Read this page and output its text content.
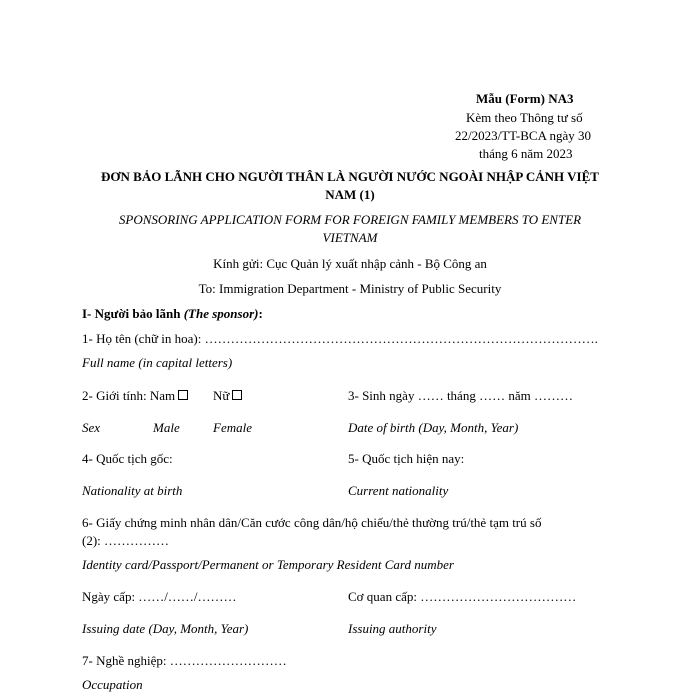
Mẫu (Form) NA3
Kèm theo Thông tư số
22/2023/TT-BCA ngày 30
tháng 6 năm 2023
ĐƠN BẢO LÃNH CHO NGƯỜI THÂN LÀ NGƯỜI NƯỚC NGOÀI NHẬP CẢNH VIỆT
NAM (1)
SPONSORING APPLICATION FORM FOR FOREIGN FAMILY MEMBERS TO ENTER
VIETNAM
Kính gửi: Cục Quản lý xuất nhập cảnh - Bộ Công an
To: Immigration Department - Ministry of Public Security
I- Người bảo lãnh (The sponsor):
1- Họ tên (chữ in hoa): ……………………………………………………………………………….
Full name (in capital letters)
2- Giới tính: Nam	Nữ	3- Sinh ngày …… tháng …… năm ………
Sex	Male	Female	Date of birth (Day, Month, Year)
4- Quốc tịch gốc:	5- Quốc tịch hiện nay:
Nationality at birth	Current nationality
6- Giấy chứng minh nhân dân/Căn cước công dân/hộ chiếu/thẻ thường trú/thẻ tạm trú số
(2): ……………
Identity card/Passport/Permanent or Temporary Resident Card number
Ngày cấp: ……/……/………	Cơ quan cấp: ………………………………
Issuing date (Day, Month, Year)	Issuing authority
7- Nghề nghiệp: ………………………
Occupation
